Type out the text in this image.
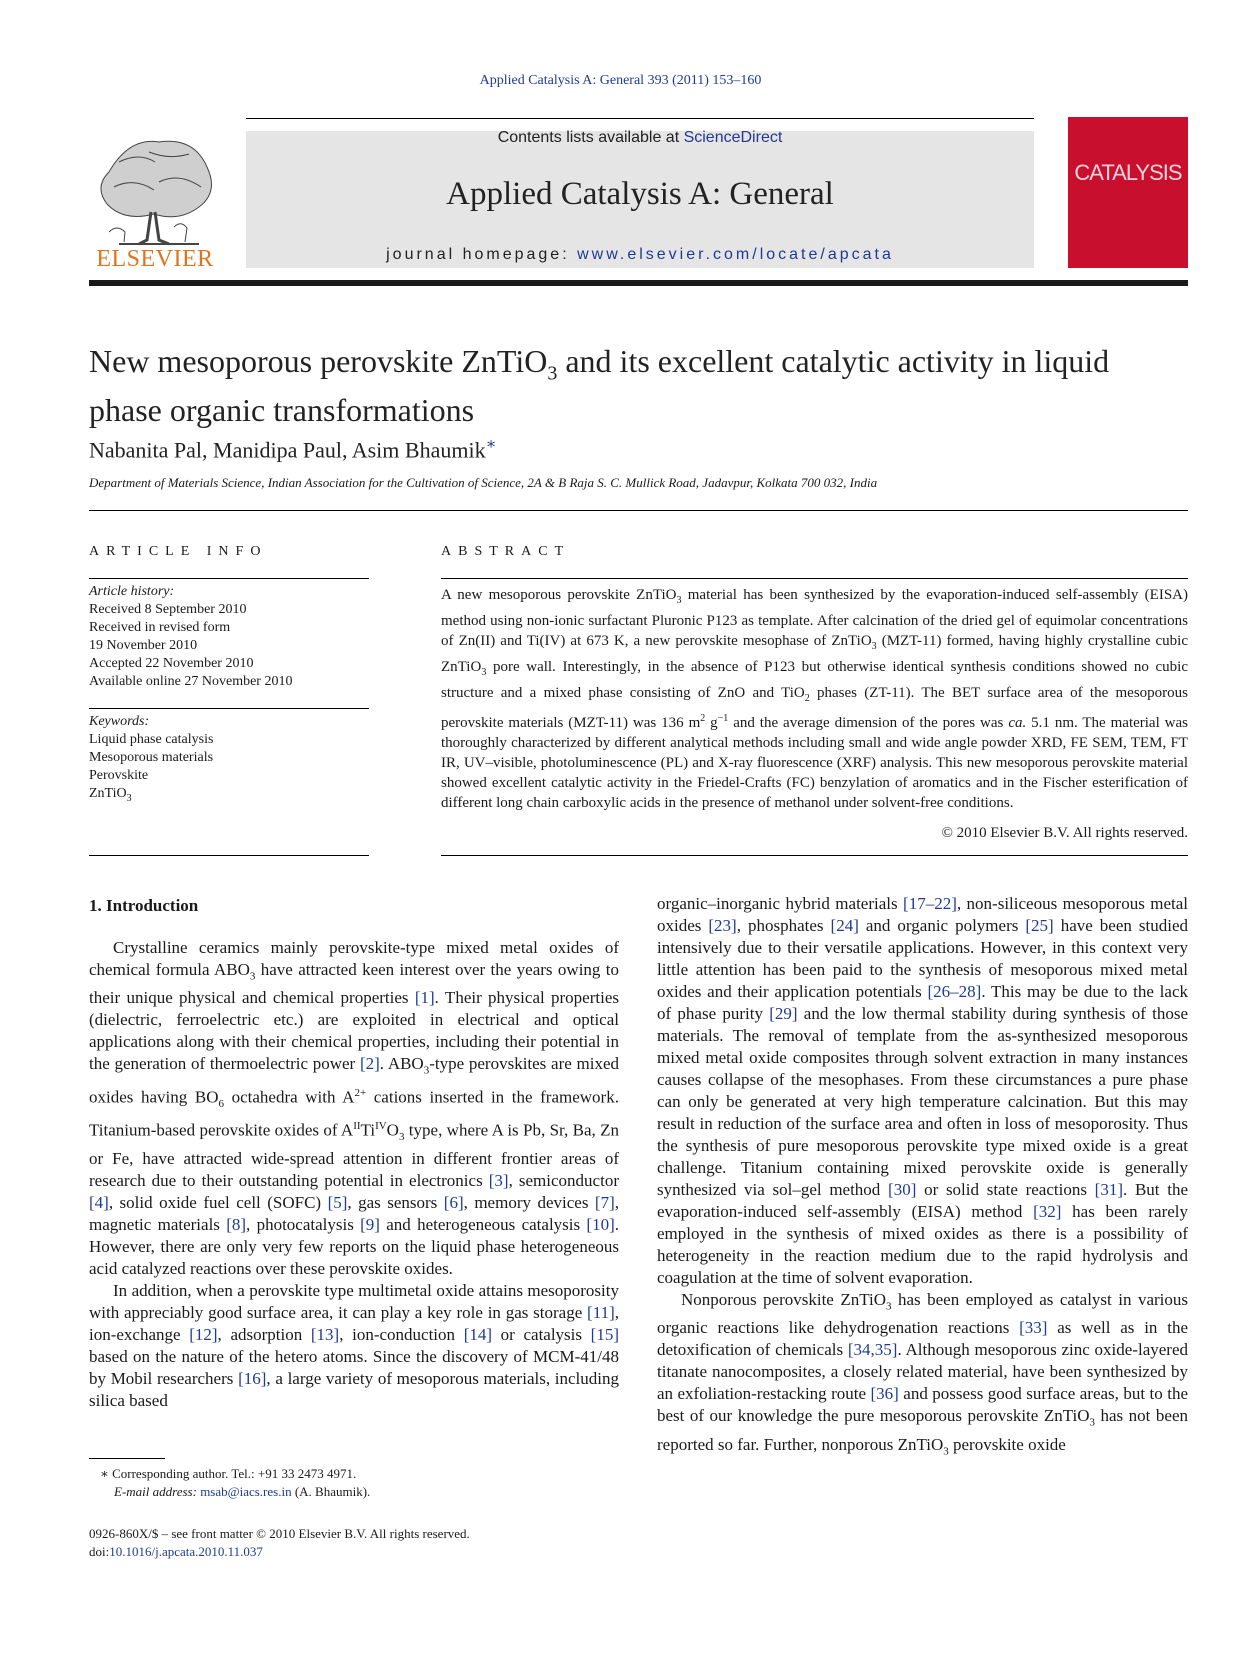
Applied Catalysis A: General 393 (2011) 153–160
ELSEVIER
Contents lists available at ScienceDirect
Applied Catalysis A: General
journal homepage: www.elsevier.com/locate/apcata
CATALYSIS
New mesoporous perovskite ZnTiO$_3$ and its excellent catalytic activity in liquid
phase organic transformations
Nabanita Pal, Manidipa Paul, Asim Bhaumik∗
Department of Materials Science, Indian Association for the Cultivation of Science, 2A & B Raja S. C. Mullick Road, Jadavpur, Kolkata 700 032, India
ARTICLE INFO
Article history:
Received 8 September 2010
Received in revised form
19 November 2010
Accepted 22 November 2010
Available online 27 November 2010
Keywords:
Liquid phase catalysis
Mesoporous materials
Perovskite
ZnTiO$_3$
ABSTRACT
A new mesoporous perovskite ZnTiO$_3$ material has been synthesized by the evaporation-induced self-assembly (EISA) method using non-ionic surfactant Pluronic P123 as template. After calcination of the dried gel of equimolar concentrations of Zn(II) and Ti(IV) at 673 K, a new perovskite mesophase of ZnTiO$_3$ (MZT-11) formed, having highly crystalline cubic ZnTiO$_3$ pore wall. Interestingly, in the absence of P123 but otherwise identical synthesis conditions showed no cubic structure and a mixed phase consisting of ZnO and TiO$_2$ phases (ZT-11). The BET surface area of the mesoporous perovskite materials (MZT-11) was 136 $m^2$ $g^{-1}$ and the average dimension of the pores was ca. 5.1 nm. The material was thoroughly characterized by different analytical methods including small and wide angle powder XRD, FE SEM, TEM, FT IR, UV–visible, photoluminescence (PL) and X-ray fluorescence (XRF) analysis. This new mesoporous perovskite material showed excellent catalytic activity in the Friedel-Crafts (FC) benzylation of aromatics and in the Fischer esterification of different long chain carboxylic acids in the presence of methanol under solvent-free conditions.
© 2010 Elsevier B.V. All rights reserved.
1. Introduction

Crystalline ceramics mainly perovskite-type mixed metal oxides of chemical formula $ABO_3$ have attracted keen interest over the years owing to their unique physical and chemical properties [1]. Their physical properties (dielectric, ferroelectric etc.) are exploited in electrical and optical applications along with their chemical properties, including their potential in the generation of thermoelectric power [2]. $ABO_3$-type perovskites are mixed oxides having $BO_6$ octahedra with $A^{2+}$ cations inserted in the framework. Titanium-based perovskite oxides of $A^{II}Ti^{IV}O_3$ type, where A is Pb, Sr, Ba, Zn or Fe, have attracted wide-spread attention in different frontier areas of research due to their outstanding potential in electronics [3], semiconductor [4], solid oxide fuel cell (SOFC) [5], gas sensors [6], memory devices [7], magnetic materials [8], photocatalysis [9] and heterogeneous catalysis [10]. However, there are only very few reports on the liquid phase heterogeneous acid catalyzed reactions over these perovskite oxides.

In addition, when a perovskite type multimetal oxide attains mesoporosity with appreciably good surface area, it can play a key role in gas storage [11], ion-exchange [12], adsorption [13], ion-conduction [14] or catalysis [15] based on the nature of the hetero atoms. Since the discovery of MCM-41/48 by Mobil researchers [16], a large variety of mesoporous materials, including silica based

organic–inorganic hybrid materials [17–22], non-siliceous mesoporous metal oxides [23], phosphates [24] and organic polymers [25] have been studied intensively due to their versatile applications. However, in this context very little attention has been paid to the synthesis of mesoporous mixed metal oxides and their application potentials [26–28]. This may be due to the lack of phase purity [29] and the low thermal stability during synthesis of those materials. The removal of template from the as-synthesized mesoporous mixed metal oxide composites through solvent extraction in many instances causes collapse of the mesophases. From these circumstances a pure phase can only be generated at very high temperature calcination. But this may result in reduction of the surface area and often in loss of mesoporosity. Thus the synthesis of pure mesoporous perovskite type mixed oxide is a great challenge. Titanium containing mixed perovskite oxide is generally synthesized via sol–gel method [30] or solid state reactions [31]. But the evaporation-induced self-assembly (EISA) method [32] has been rarely employed in the synthesis of mixed oxides as there is a possibility of heterogeneity in the reaction medium due to the rapid hydrolysis and coagulation at the time of solvent evaporation.

Nonporous perovskite ZnTiO$_3$ has been employed as catalyst in various organic reactions like dehydrogenation reactions [33] as well as in the detoxification of chemicals [34,35]. Although mesoporous zinc oxide-layered titanate nanocomposites, a closely related material, have been synthesized by an exfoliation-restacking route [36] and possess good surface areas, but to the best of our knowledge the pure mesoporous perovskite ZnTiO$_3$ has not been reported so far. Further, nonporous ZnTiO$_3$ perovskite oxide

∗ Corresponding author. Tel.: +91 33 2473 4971.
E-mail address: msab@iacs.res.in (A. Bhaumik).
0926-860X/$ – see front matter © 2010 Elsevier B.V. All rights reserved.
doi:10.1016/j.apcata.2010.11.037
